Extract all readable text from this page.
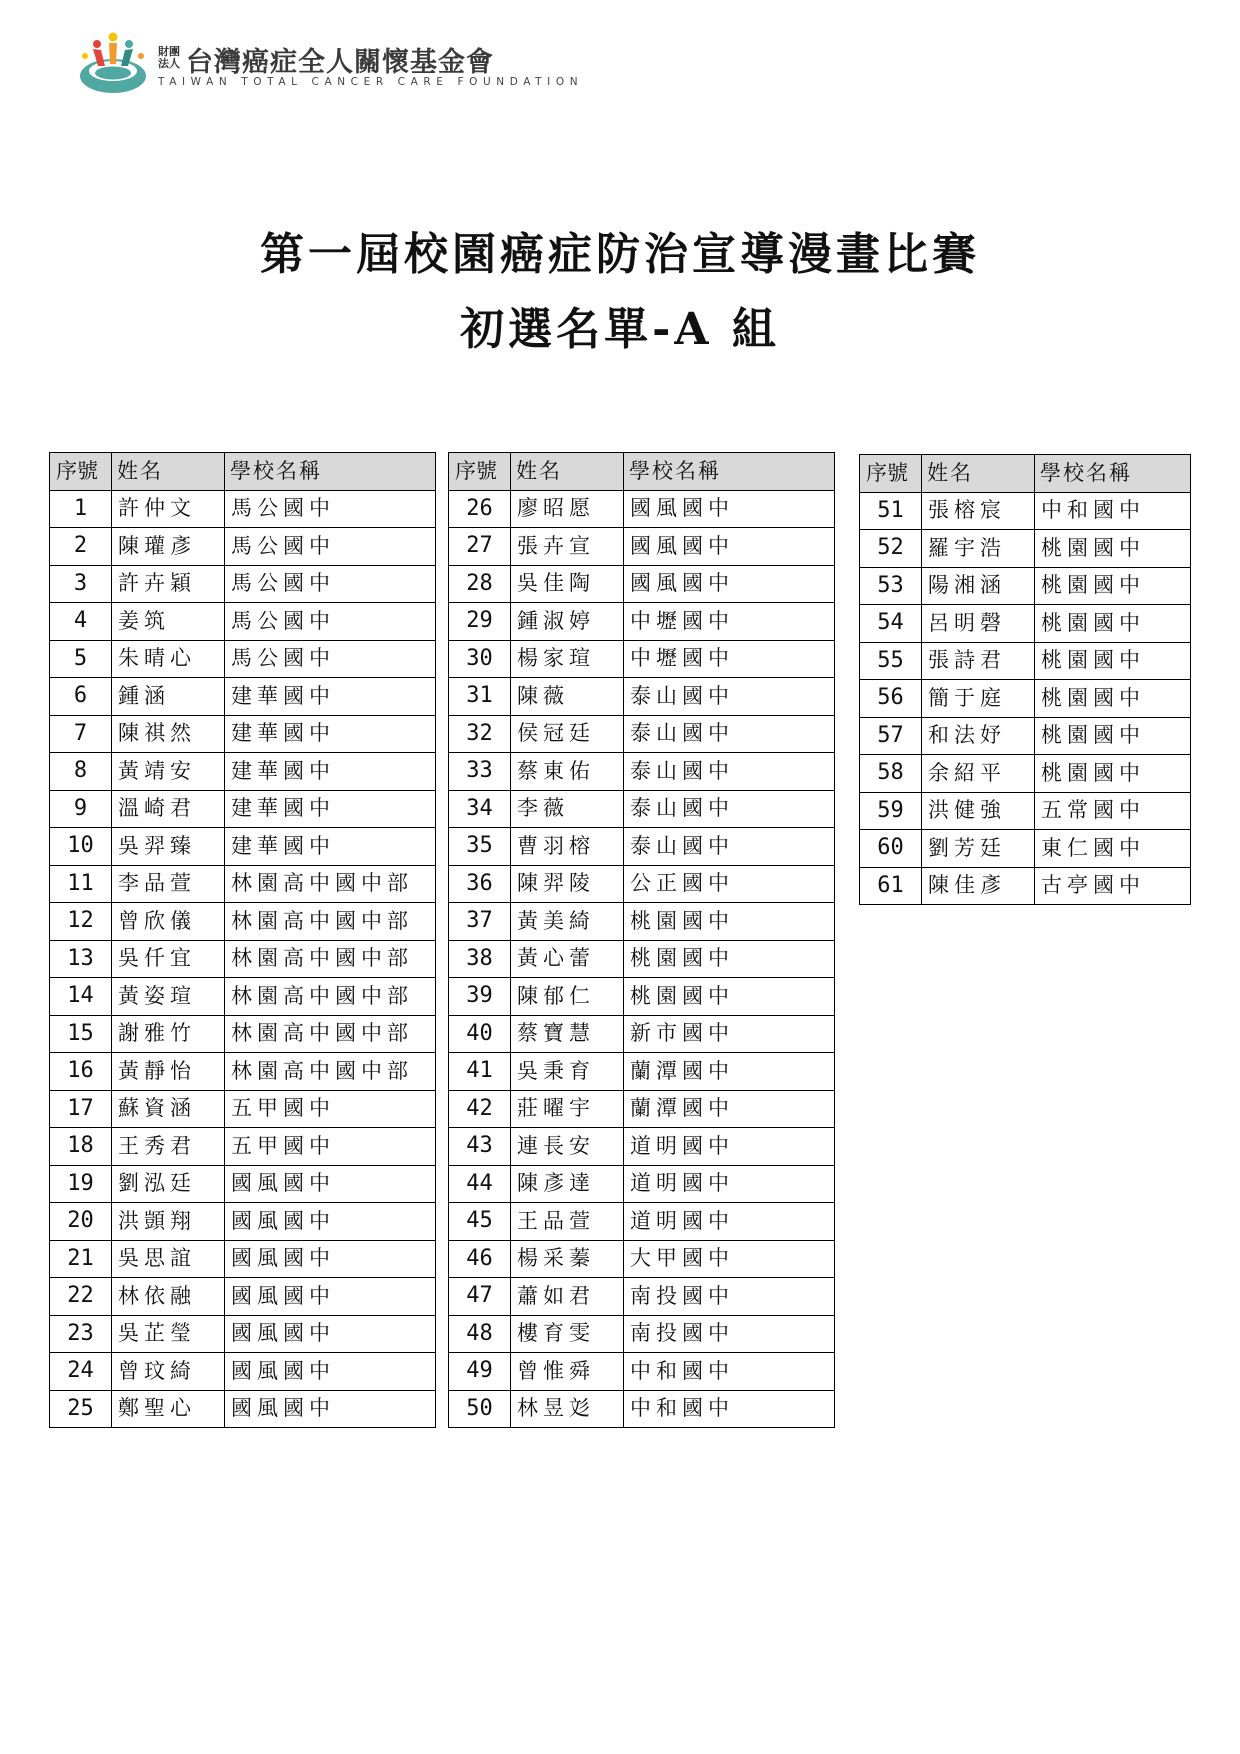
財團法人 台灣癌症全人關懷基金會
TAIWAN TOTAL CANCER CARE FOUNDATION
第一屆校園癌症防治宣導漫畫比賽
初選名單-A 組
序號	姓名	學校名稱
1	許仲文	馬公國中
2	陳瓘彥	馬公國中
3	許卉穎	馬公國中
4	姜筑	馬公國中
5	朱晴心	馬公國中
6	鍾涵	建華國中
7	陳祺然	建華國中
8	黃靖安	建華國中
9	溫崎君	建華國中
10	吳羿臻	建華國中
11	李品萱	林園高中國中部
12	曾欣儀	林園高中國中部
13	吳仟宜	林園高中國中部
14	黃姿瑄	林園高中國中部
15	謝雅竹	林園高中國中部
16	黃靜怡	林園高中國中部
17	蘇資涵	五甲國中
18	王秀君	五甲國中
19	劉泓廷	國風國中
20	洪顗翔	國風國中
21	吳思誼	國風國中
22	林依融	國風國中
23	吳芷瑩	國風國中
24	曾玟綺	國風國中
25	鄭聖心	國風國中
序號	姓名	學校名稱
26	廖昭愿	國風國中
27	張卉宣	國風國中
28	吳佳陶	國風國中
29	鍾淑婷	中壢國中
30	楊家瑄	中壢國中
31	陳薇	泰山國中
32	侯冠廷	泰山國中
33	蔡東佑	泰山國中
34	李薇	泰山國中
35	曹羽榕	泰山國中
36	陳羿陵	公正國中
37	黃美綺	桃園國中
38	黃心蕾	桃園國中
39	陳郁仁	桃園國中
40	蔡寶慧	新市國中
41	吳秉育	蘭潭國中
42	莊曜宇	蘭潭國中
43	連長安	道明國中
44	陳彥達	道明國中
45	王品萱	道明國中
46	楊采蓁	大甲國中
47	蕭如君	南投國中
48	樓育雯	南投國中
49	曾惟舜	中和國中
50	林昱彣	中和國中
序號	姓名	學校名稱
51	張榕宸	中和國中
52	羅宇浩	桃園國中
53	陽湘涵	桃園國中
54	呂明磬	桃園國中
55	張詩君	桃園國中
56	簡于庭	桃園國中
57	和法妤	桃園國中
58	余紹平	桃園國中
59	洪健強	五常國中
60	劉芳廷	東仁國中
61	陳佳彥	古亭國中
